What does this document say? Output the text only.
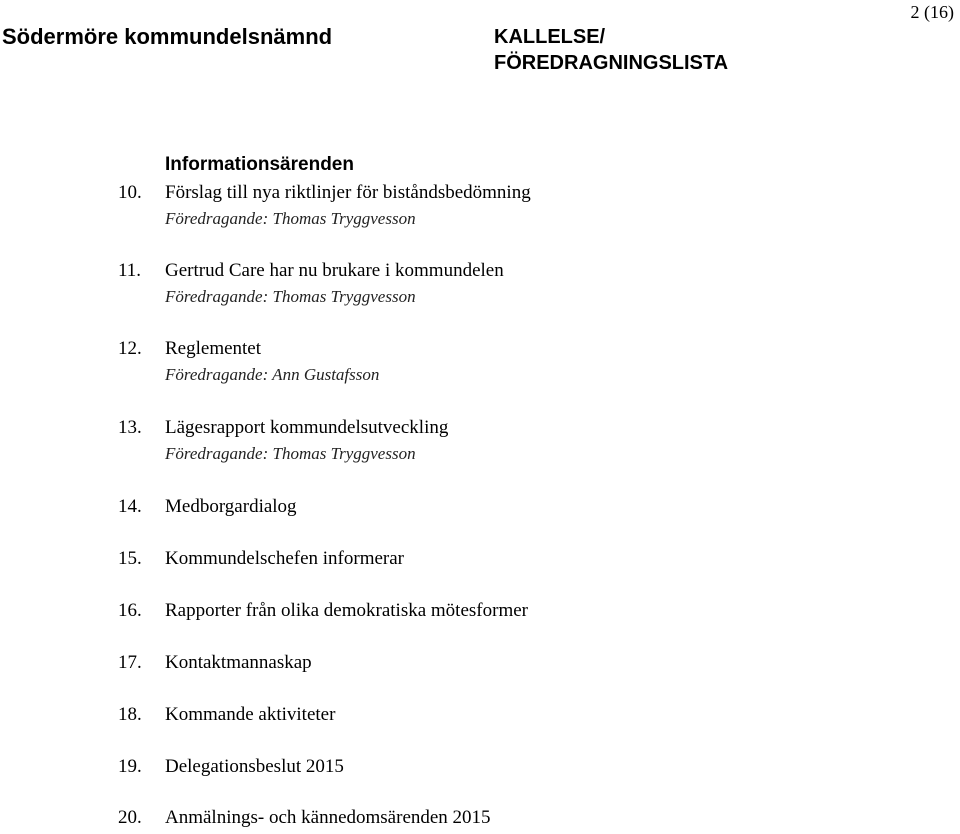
2 (16)
Södermöre kommundelsnämnd	KALLELSE/
FÖREDRAGNINGSLISTA
Informationsärenden
10. Förslag till nya riktlinjer för biståndsbedömning
Föredragande: Thomas Tryggvesson
11. Gertrud Care har nu brukare i kommundelen
Föredragande: Thomas Tryggvesson
12. Reglementet
Föredragande: Ann Gustafsson
13. Lägesrapport kommundelsutveckling
Föredragande: Thomas Tryggvesson
14. Medborgardialog
15. Kommundelschefen informerar
16. Rapporter från olika demokratiska mötesformer
17. Kontaktmannaskap
18. Kommande aktiviteter
19. Delegationsbeslut 2015
20. Anmälnings- och kännedomsärenden 2015
